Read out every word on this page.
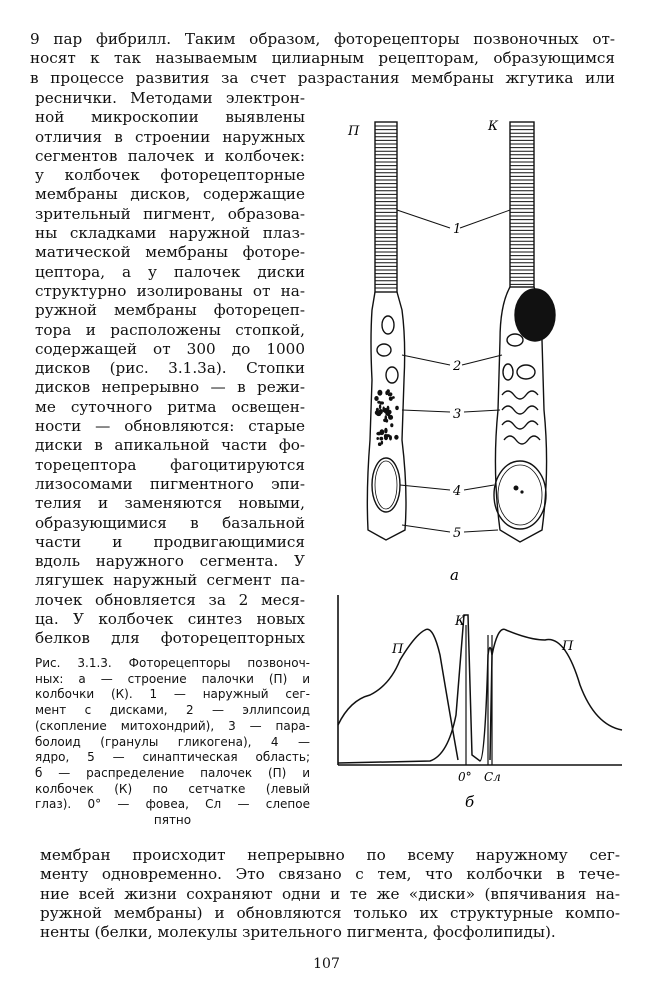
9 пар фибрилл. Таким образом, фоторецепторы позвоночных от-
носят к так называемым цилиарным рецепторам, образующимся
в процессе развития за счет разрастания мембраны жгутика или
реснички. Методами электрон-
ной микроскопии выявлены
отличия в строении наружных
сегментов палочек и колбочек:
у колбочек фоторецепторные
мембраны дисков, содержащие
зрительный пигмент, образова-
ны складками наружной плаз-
матической мембраны фоторе-
цептора, а у палочек диски
структурно изолированы от на-
ружной мембраны фоторецеп-
тора и расположены стопкой,
содержащей от 300 до 1000
дисков (рис. 3.1.3а). Стопки
дисков непрерывно — в режи-
ме суточного ритма освещен-
ности — обновляются: старые
диски в апикальной части фо-
торецептора фагоцитируются
лизосомами пигментного эпи-
телия и заменяются новыми,
образующимися в базальной
части и продвигающимися
вдоль наружного сегмента. У
лягушек наружный сегмент па-
лочек обновляется за 2 меся-
ца. У колбочек синтез новых
белков для фоторецепторных
Рис. 3.1.3. Фоторецепторы позвоноч-
ных: а — строение палочки (П) и
колбочки (К). 1 — наружный сег-
мент с дисками, 2 — эллипсоид
(скопление митохондрий), 3 — пара-
болоид (гранулы гликогена), 4 —
ядро, 5 — синаптическая область;
б — распределение палочек (П) и
колбочек (К) по сетчатке (левый
глаз). 0° — фовеа, Сл — слепое
пятно
мембран происходит непрерывно по всему наружному сег-
менту одновременно. Это связано с тем, что колбочки в тече-
ние всей жизни сохраняют одни и те же «диски» (впячивания на-
ружной мембраны) и обновляются только их структурные компо-
ненты (белки, молекулы зрительного пигмента, фосфолипиды).
П	К
1
2
3
4
5
а
П
К
П
0° Сл
б
107
